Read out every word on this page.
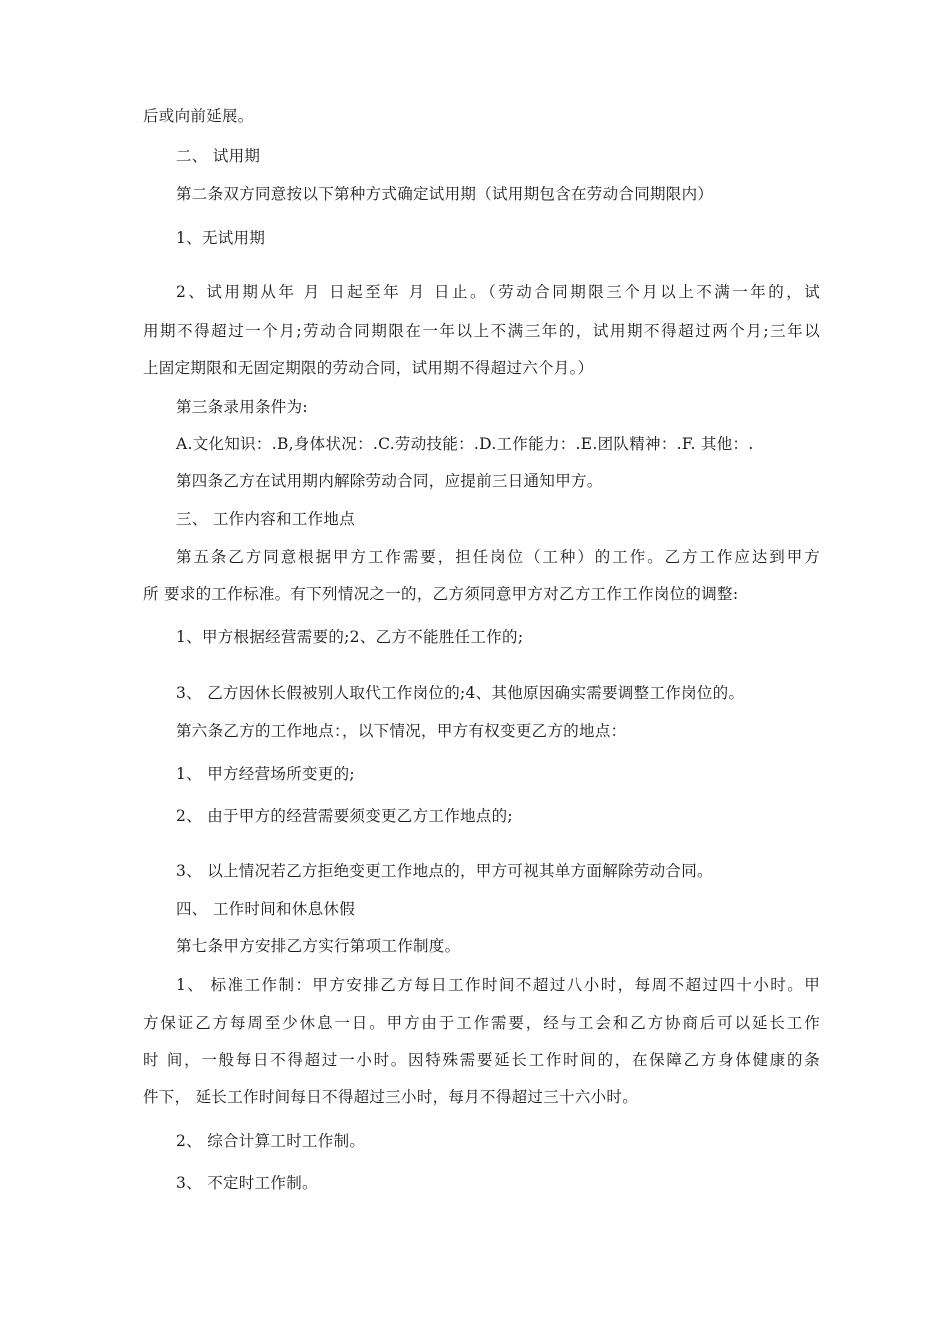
后或向前延展。
二、 试用期
第二条双方同意按以下第种方式确定试用期（试用期包含在劳动合同期限内）
1、无试用期
2、试用期从年 月 日起至年 月 日止。（劳动合同期限三个月以上不满一年的，试
用期不得超过一个月;劳动合同期限在一年以上不满三年的，试用期不得超过两个月;三年以
上固定期限和无固定期限的劳动合同，试用期不得超过六个月。）
第三条录用条件为:
A.文化知识：.B,身体状况：.C.劳动技能：.D.工作能力：.E.团队精神：.F. 其他：.
第四条乙方在试用期内解除劳动合同，应提前三日通知甲方。
三、 工作内容和工作地点
第五条乙方同意根据甲方工作需要，担任岗位（工种）的工作。乙方工作应达到甲方
所 要求的工作标准。有下列情况之一的，乙方须同意甲方对乙方工作工作岗位的调整:
1、甲方根据经营需要的;2、乙方不能胜任工作的;
3、 乙方因休长假被别人取代工作岗位的;4、其他原因确实需要调整工作岗位的。
第六条乙方的工作地点：，以下情况，甲方有权变更乙方的地点：
1、 甲方经营场所变更的;
2、 由于甲方的经营需要须变更乙方工作地点的;
3、 以上情况若乙方拒绝变更工作地点的，甲方可视其单方面解除劳动合同。
四、 工作时间和休息休假
第七条甲方安排乙方实行第项工作制度。
1、 标准工作制：甲方安排乙方每日工作时间不超过八小时，每周不超过四十小时。甲
方保证乙方每周至少休息一日。甲方由于工作需要，经与工会和乙方协商后可以延长工作
时 间，一般每日不得超过一小时。因特殊需要延长工作时间的，在保障乙方身体健康的条
件下， 延长工作时间每日不得超过三小时，每月不得超过三十六小时。
2、 综合计算工时工作制。
3、 不定时工作制。
